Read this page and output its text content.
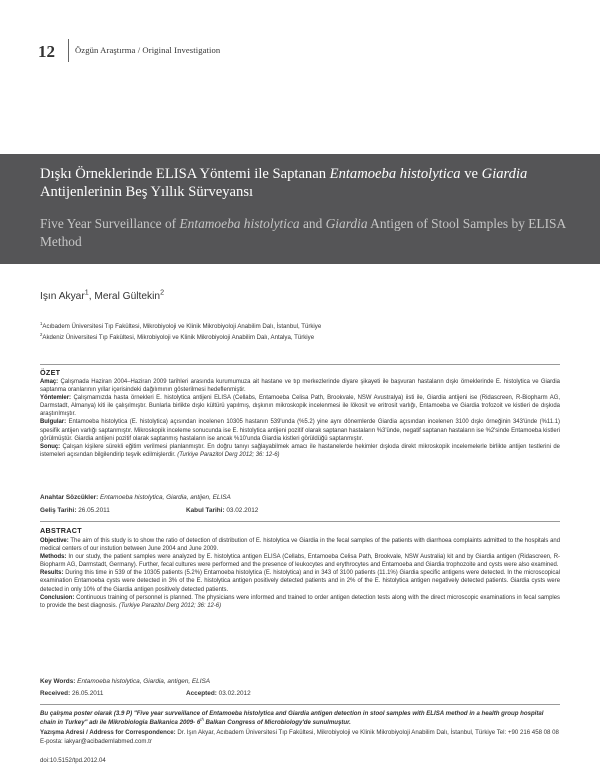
12 Özgün Araştırma / Original Investigation
Dışkı Örneklerinde ELISA Yöntemi ile Saptanan Entamoeba histolytica ve Giardia Antijenlerinin Beş Yıllık Sürveyansı
Five Year Surveillance of Entamoeba histolytica and Giardia Antigen of Stool Samples by ELISA Method
Işın Akyar$^1$, Meral Gültekin$^2$
$^1$Acıbadem Üniversitesi Tıp Fakültesi, Mikrobiyoloji ve Klinik Mikrobiyoloji Anabilim Dalı, İstanbul, Türkiye
$^2$Akdeniz Üniversitesi Tıp Fakültesi, Mikrobiyoloji ve Klinik Mikrobiyoloji Anabilim Dalı, Antalya, Türkiye
ÖZET
Amaç: Çalışmada Haziran 2004–Haziran 2009 tarihleri arasında kurumumuza ait hastane ve tıp merkezlerinde diyare şikayeti ile başvuran hastaların dışkı örneklerinde E. histolytica ve Giardia saptanma oranlarının yıllar içerisindeki dağılımının gösterilmesi hedeflenmiştir.
Yöntemler: Çalışmamızda hasta örnekleri E. histolytica antijeni ELISA (Cellabs, Entamoeba Celisa Path, Brookvale, NSW Avustralya) iisti ile, Giardia antijeni ise (Ridascreen, R-Biopharm AG, Darmstadt, Almanya) kiti ile çalışılmıştır. Bunlarla birlikte dışkı kültürü yapılmış, dışkının mikroskopik incelenmesi ile lökosit ve eritrosit varlığı, Entamoeba ve Giardia trofozoit ve kistleri de dışkıda araştırılmıştır.
Bulgular: Entamoeba histolytica (E. histolytica) açısından incelenen 10305 hastanın 539'unda (%5.2) yine aynı dönemlerde Giardia açısından incelenen 3100 dışkı örneğinin 343'ünde (%11.1) spesifik antijen varlığı saptanmıştır. Mikroskopik inceleme sonucunda ise E. histolytica antijeni pozitif olarak saptanan hastaların %3'ünde, negatif saptanan hastaların ise %2'sinde Entamoeba kistleri görülmüştür. Giardia antijeni pozitif olarak saptanmış hastaların ise ancak %10'unda Giardia kistleri görüldüğü saptanmıştır.
Sonuç: Çalışan kişilere sürekli eğitim verilmesi planlanmıştır. En doğru tanıyı sağlayabilmek amacı ile hastanelerde hekimler dışkıda direkt mikroskopik incelemelerle birlikte antijen testlerini de istemeleri açısından bilgilendirip teşvik edilmişlerdir. (Turkiye Parazitol Derg 2012; 36: 12-6)
Anahtar Sözcükler: Entamoeba histolytica, Giardia, antijen, ELISA
Geliş Tarihi: 26.05.2011	Kabul Tarihi: 03.02.2012
ABSTRACT
Objective: The aim of this study is to show the ratio of detection of distribution of E. histolytica ve Giardia in the fecal samples of the patients with diarrhoea complaints admitted to the hospitals and medical centers of our instution between June 2004 and June 2009.
Methods: In our study, the patient samples were analyzed by E. histolytica antigen ELISA (Cellabs, Entamoeba Celisa Path, Brookvale, NSW Australia) kit and by Giardia antigen (Ridascreen, R-Biopharm AG, Darmstadt, Germany). Further, fecal cultures were performed and the presence of leukocytes and erythrocytes and Entamoeba and Giardia trophozoite and cysts were also examined.
Results: During this time in 539 of the 10305 patients (5.2%) Entamoeba histolytica (E. histolytica) and in 343 of 3100 patients (11.1%) Giardia specific antigens were detected. In the microscopical examination Entamoeba cysts were detected in 3% of the E. histolytica antigen positively detected patients and in 2% of the E. histolytica antigen negatively detected patients. Giardia cysts were detected in only 10% of the Giardia antigen positively detected patients.
Conclusion: Continuous training of personnel is planned. The physicians were informed and trained to order antigen detection tests along with the direct microscopic examinations in fecal samples to provide the best diagnosis. (Turkiye Parazitol Derg 2012; 36: 12-6)
Key Words: Entamoeba histolytica, Giardia, antigen, ELISA
Received: 26.05.2011	Accepted: 03.02.2012
Bu çalışma poster olarak (3.9 P) "Five year surveillance of Entamoeba histolytica and Giardia antigen detection in stool samples with ELISA method in a health group hospital chain in Turkey" adı ile Mikrobiologia Balkanica 2009- 6th Balkan Congress of Microbiology'de sunulmuştur.
Yazışma Adresi / Address for Correspondence: Dr. Işın Akyar, Acıbadem Üniversitesi Tıp Fakültesi, Mikrobiyoloji ve Klinik Mikrobiyoloji Anabilim Dalı, İstanbul, Türkiye Tel: +90 216 458 08 08 E-posta: iakyar@acibademlabmed.com.tr
doi:10.5152/tpd.2012.04
